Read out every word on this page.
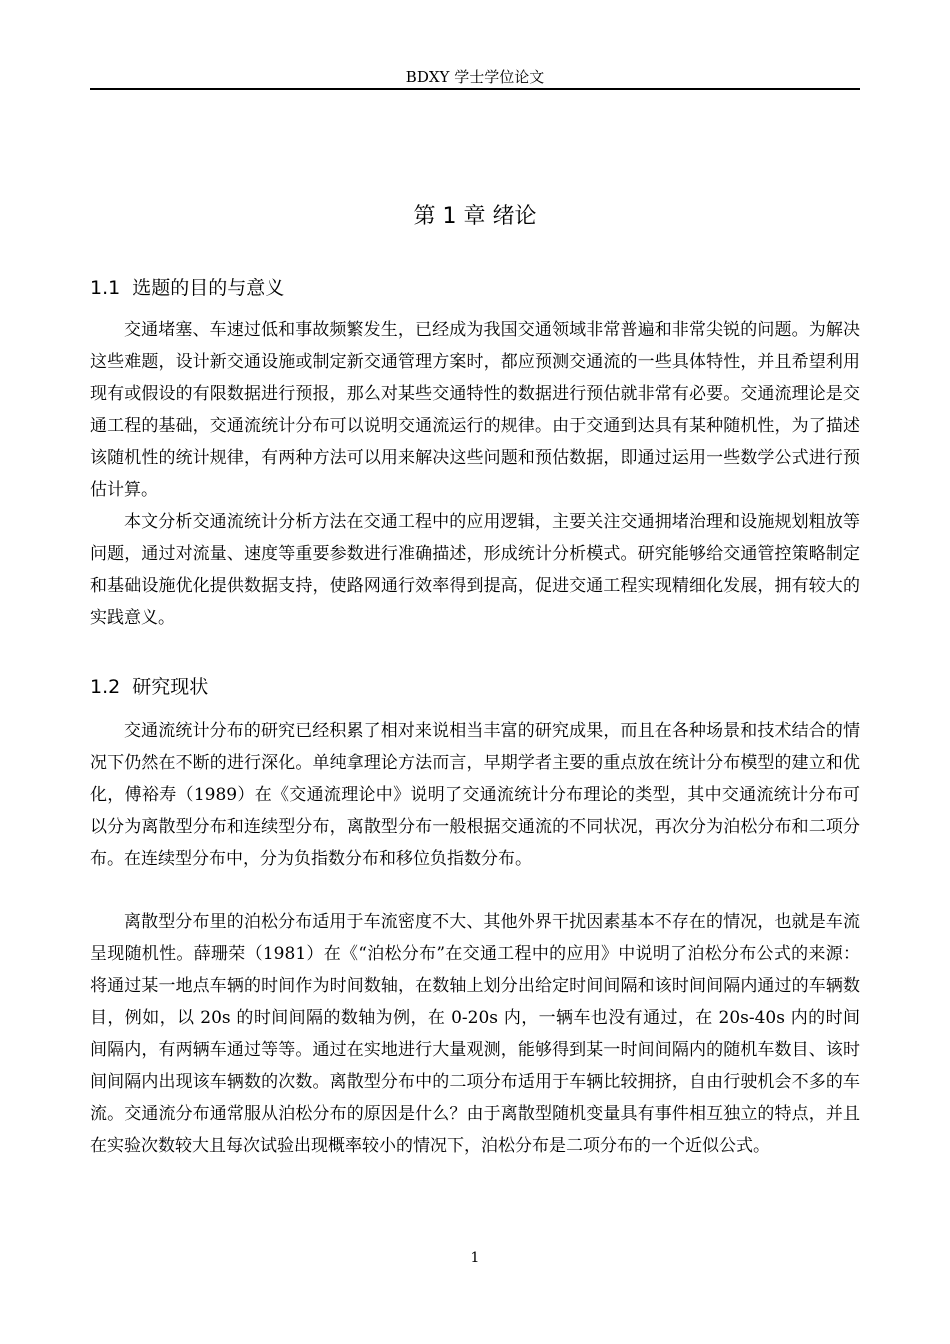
BDXY 学士学位论文
第 1 章 绪论
1.1 选题的目的与意义

交通堵塞、车速过低和事故频繁发生，已经成为我国交通领域非常普遍和非常尖锐的问题。为解决这些难题，设计新交通设施或制定新交通管理方案时，都应预测交通流的一些具体特性，并且希望利用现有或假设的有限数据进行预报，那么对某些交通特性的数据进行预估就非常有必要。交通流理论是交通工程的基础，交通流统计分布可以说明交通流运行的规律。由于交通到达具有某种随机性，为了描述该随机性的统计规律，有两种方法可以用来解决这些问题和预估数据，即通过运用一些数学公式进行预估计算。

本文分析交通流统计分析方法在交通工程中的应用逻辑，主要关注交通拥堵治理和设施规划粗放等问题，通过对流量、速度等重要参数进行准确描述，形成统计分析模式。研究能够给交通管控策略制定和基础设施优化提供数据支持，使路网通行效率得到提高，促进交通工程实现精细化发展，拥有较大的实践意义。

1.2 研究现状

交通流统计分布的研究已经积累了相对来说相当丰富的研究成果，而且在各种场景和技术结合的情况下仍然在不断的进行深化。单纯拿理论方法而言，早期学者主要的重点放在统计分布模型的建立和优化，傅裕寿（1989）在《交通流理论中》说明了交通流统计分布理论的类型，其中交通流统计分布可以分为离散型分布和连续型分布，离散型分布一般根据交通流的不同状况，再次分为泊松分布和二项分布。在连续型分布中，分为负指数分布和移位负指数分布。

离散型分布里的泊松分布适用于车流密度不大、其他外界干扰因素基本不存在的情况，也就是车流呈现随机性。薛珊荣（1981）在《“泊松分布”在交通工程中的应用》中说明了泊松分布公式的来源：将通过某一地点车辆的时间作为时间数轴，在数轴上划分出给定时间间隔和该时间间隔内通过的车辆数目，例如，以 20s 的时间间隔的数轴为例，在 0-20s 内，一辆车也没有通过，在 20s-40s 内的时间间隔内，有两辆车通过等等。通过在实地进行大量观测，能够得到某一时间间隔内的随机车数目、该时间间隔内出现该车辆数的次数。离散型分布中的二项分布适用于车辆比较拥挤，自由行驶机会不多的车流。交通流分布通常服从泊松分布的原因是什么？由于离散型随机变量具有事件相互独立的特点，并且在实验次数较大且每次试验出现概率较小的情况下，泊松分布是二项分布的一个近似公式。

1
